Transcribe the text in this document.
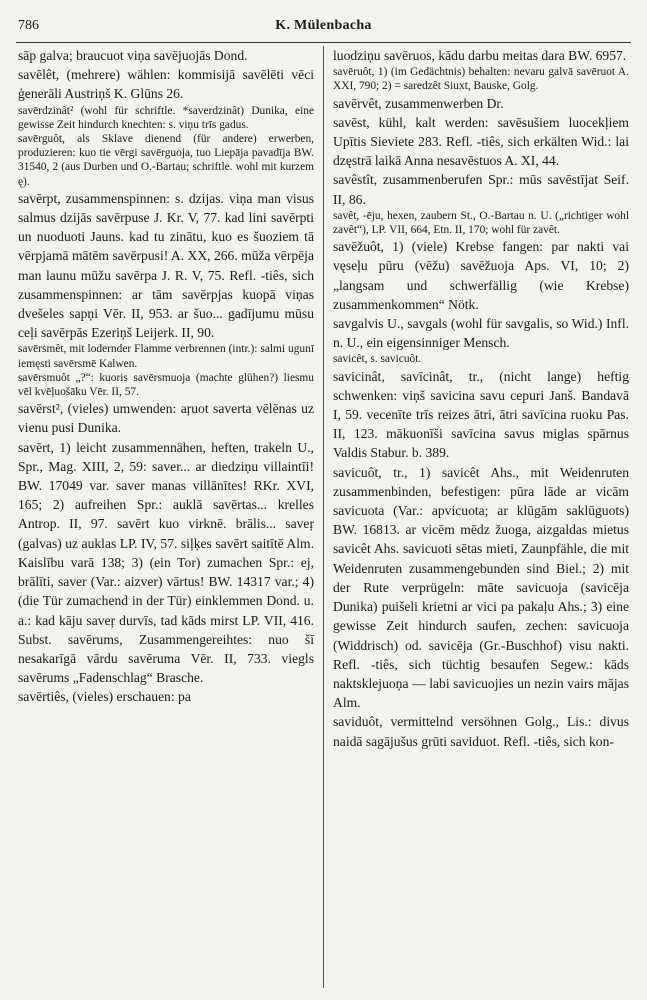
786	K. Mülenbacha

sāp galva; braucuot viņa savējuojās Dond.

savēlêt, (mehrere) wählen: kommisijā savēlēti vēci ģenerāli Austriņš K. Glūns 26.

savērdzinât² (wohl für schriftle. *saverdzinât) Dunika, eine gewisse Zeit hindurch knechten: s. viņu trīs gadus.

savērguôt, als Sklave dienend (für andere) erwerben, produzieren: kuo tie vērgi savērguoja, tuo Liepāja pavadīja BW. 31540, 2 (aus Durben und O.-Bartau; schriftle. wohl mit kurzem ę).

savērpt, zusammenspinnen: s. dzijas. viņa man visus salmus dzijās savērpuse J. Kr. V, 77. kad lini savērpti un nuoduoti Jauns. kad tu zinātu, kuo es šuoziem tā vērpjamā mātēm savērpusi! A. XX, 266. mūža vērpēja man launu mūžu savērpa J. R. V, 75. Refl. -tiês, sich zusammenspinnen: ar tām savērpjas kuopā viņas dvešeles sapņi Vēr. II, 953. ar šuo... gadījumu mūsu ceļi savērpās Ezeriņš Leijerk. II, 90.

savērsmêt, mit lodernder Flamme verbrennen (intr.): salmi ugunī iemęsti savērsmē Kalwen.

savērsmuôt „?“: kuoris savērsmuoja (machte glühen?) liesmu vēl kvēļuošāku Vēr. II, 57.

savērst², (vieles) umwenden: aŗuot saverta vēlēnas uz vienu pusi Dunika.

savērt, 1) leicht zusammennähen, heften, trakeln U., Spr., Mag. XIII, 2, 59: saver... ar diedziņu villaintīi! BW. 17049 var. saver manas villānītes! RKr. XVI, 165; 2) aufreihen Spr.: auklā savērtas... krelles Antrop. II, 97. savērt kuo virknē. brālis... saveŗ (galvas) uz auklas LP. IV, 57. siļķes savērt saitītē Alm. Kaislību varā 138; 3) (ein Tor) zumachen Spr.: ej, brālīti, saver (Var.: aizver) vārtus! BW. 14317 var.; 4) (die Tür zumachend in der Tür) einklemmen Dond. u. a.: kad kāju saveŗ durvīs, tad kāds mirst LP. VII, 416. Subst. savērums, Zusammengereihtes: nuo šī nesakarīgā vārdu savēruma Vēr. II, 733. viegls savērums „Fadenschlag“ Brasche.

savērtiês, (vieles) erschauen: pa

luodziņu savēruos, kādu darbu meitas dara BW. 6957.

savēruôt, 1) (im Gedächtnis) behalten: nevaru galvā savēruot A. XXI, 790; 2) = saredzêt Siuxt, Bauske, Golg.

savērvêt, zusammenwerben Dr.

savēst, kühl, kalt werden: savēsušiem luocekļiem Upītis Sieviete 283. Refl. -tiês, sich erkälten Wid.: lai dzęstrā laikā Anna nesavēstuos A. XI, 44.

savêstît, zusammenberufen Spr.: mūs savēstījat Seif. II, 86.

savêt, -ēju, hexen, zaubern St., O.-Bartau n. U. („richtiger wohl zavêt“), LP. VII, 664, Etn. II, 170; wohl für zavêt.

savēžuôt, 1) (viele) Krebse fangen: par nakti vai vęseļu pūru (vēžu) savēžuoja Aps. VI, 10; 2) „langsam und schwerfällig (wie Krebse) zusammenkommen“ Nötk.

savgalvis U., savgals (wohl für savgalis, so Wid.) Infl. n. U., ein eigensinniger Mensch.

savicêt, s. savicuôt.

savicinât, savīcinât, tr., (nicht lange) heftig schwenken: viņš savicina savu cepuri Janš. Bandavā I, 59. vecenīte trīs reizes ātri, ātri savīcina ruoku Pas. II, 123. mākuonīši savīcina savus miglas spārnus Valdis Stabur. b. 389.

savicuôt, tr., 1) savicêt Ahs., mit Weidenruten zusammenbinden, befestigen: pūra lāde ar vicām savicuota (Var.: apvicuota; ar klūgām saklūguots) BW. 16813. ar vicēm mēdz žuoga, aizgaldas mietus savicêt Ahs. savicuoti sētas mieti, Zaunpfähle, die mit Weidenruten zusammengebunden sind Biel.; 2) mit der Rute verprügeln: māte savicuoja (savicēja Dunika) puišeli krietni ar vici pa pakaļu Ahs.; 3) eine gewisse Zeit hindurch saufen, zechen: savicuoja (Widdrisch) od. savicēja (Gr.-Buschhof) visu nakti. Refl. -tiês, sich tüchtig besaufen Segew.: kāds naktsklejuoņa — labi savicuojies un nezin vairs mājas Alm.

saviduôt, vermittelnd versöhnen Golg., Lis.: divus naidā sagājušus grūti saviduot. Refl. -tiês, sich kon-
